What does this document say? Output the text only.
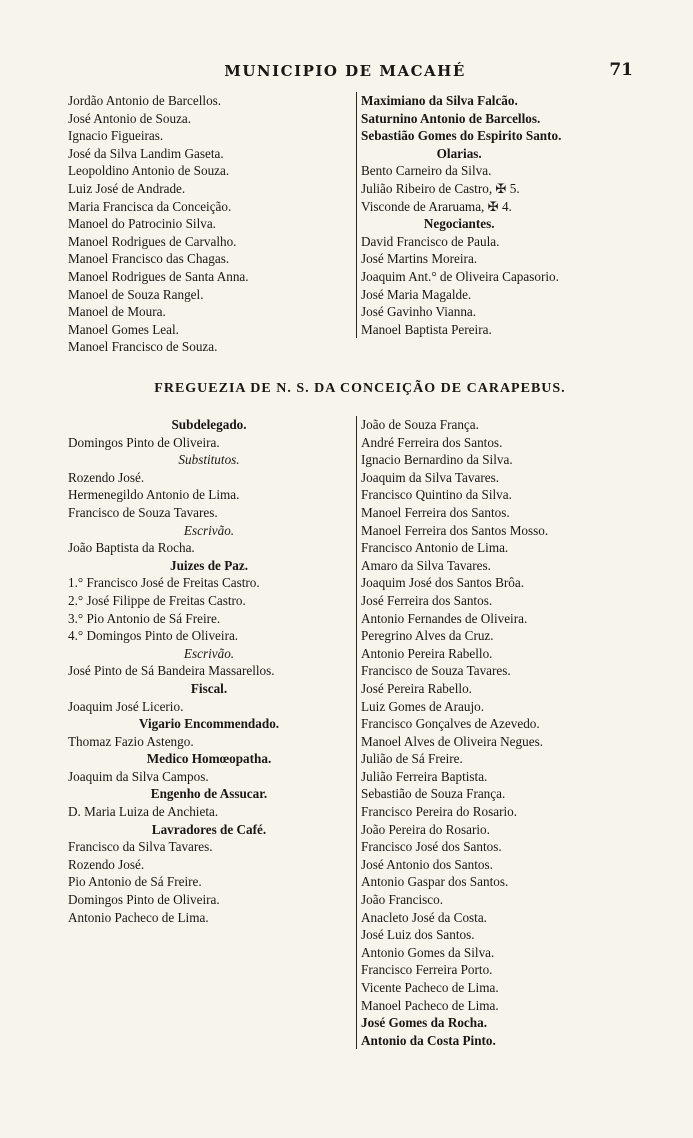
MUNICIPIO DE MACAHÉ	71
Jordão Antonio de Barcellos.
José Antonio de Souza.
Ignacio Figueiras.
José da Silva Landim Gaseta.
Leopoldino Antonio de Souza.
Luiz José de Andrade.
Maria Francisca da Conceição.
Manoel do Patrocinio Silva.
Manoel Rodrigues de Carvalho.
Manoel Francisco das Chagas.
Manoel Rodrigues de Santa Anna.
Manoel de Souza Rangel.
Manoel de Moura.
Manoel Gomes Leal.
Manoel Francisco de Souza.
Maximiano da Silva Falcão.
Saturnino Antonio de Barcellos.
Sebastião Gomes do Espirito Santo.
Olarias.
Bento Carneiro da Silva.
Julião Ribeiro de Castro, ✠ 5.
Visconde de Araruama, ✠ 4.
Negociantes.
David Francisco de Paula.
José Martins Moreira.
Joaquim Ant.° de Oliveira Capasorio.
José Maria Magalde.
José Gavinho Vianna.
Manoel Baptista Pereira.
FREGUEZIA DE N. S. DA CONCEIÇÃO DE CARAPEBUS.
Subdelegado.
Domingos Pinto de Oliveira.
Substitutos.
Rozendo José.
Hermenegildo Antonio de Lima.
Francisco de Souza Tavares.
Escrivão.
João Baptista da Rocha.
Juizes de Paz.
1.° Francisco José de Freitas Castro.
2.° José Filippe de Freitas Castro.
3.° Pio Antonio de Sá Freire.
4.° Domingos Pinto de Oliveira.
Escrivão.
José Pinto de Sá Bandeira Massarellos.
Fiscal.
Joaquim José Licerio.
Vigario Encommendado.
Thomaz Fazio Astengo.
Medico Homœopatha.
Joaquim da Silva Campos.
Engenho de Assucar.
D. Maria Luiza de Anchieta.
Lavradores de Café.
Francisco da Silva Tavares.
Rozendo José.
Pio Antonio de Sá Freire.
Domingos Pinto de Oliveira.
Antonio Pacheco de Lima.
João de Souza França.
André Ferreira dos Santos.
Ignacio Bernardino da Silva.
Joaquim da Silva Tavares.
Francisco Quintino da Silva.
Manoel Ferreira dos Santos.
Manoel Ferreira dos Santos Mosso.
Francisco Antonio de Lima.
Amaro da Silva Tavares.
Joaquim José dos Santos Brôa.
José Ferreira dos Santos.
Antonio Fernandes de Oliveira.
Peregrino Alves da Cruz.
Antonio Pereira Rabello.
Francisco de Souza Tavares.
José Pereira Rabello.
Luiz Gomes de Araujo.
Francisco Gonçalves de Azevedo.
Manoel Alves de Oliveira Negues.
Julião de Sá Freire.
Julião Ferreira Baptista.
Sebastião de Souza França.
Francisco Pereira do Rosario.
João Pereira do Rosario.
Francisco José dos Santos.
José Antonio dos Santos.
Antonio Gaspar dos Santos.
João Francisco.
Anacleto José da Costa.
José Luiz dos Santos.
Antonio Gomes da Silva.
Francisco Ferreira Porto.
Vicente Pacheco de Lima.
Manoel Pacheco de Lima.
José Gomes da Rocha.
Antonio da Costa Pinto.
